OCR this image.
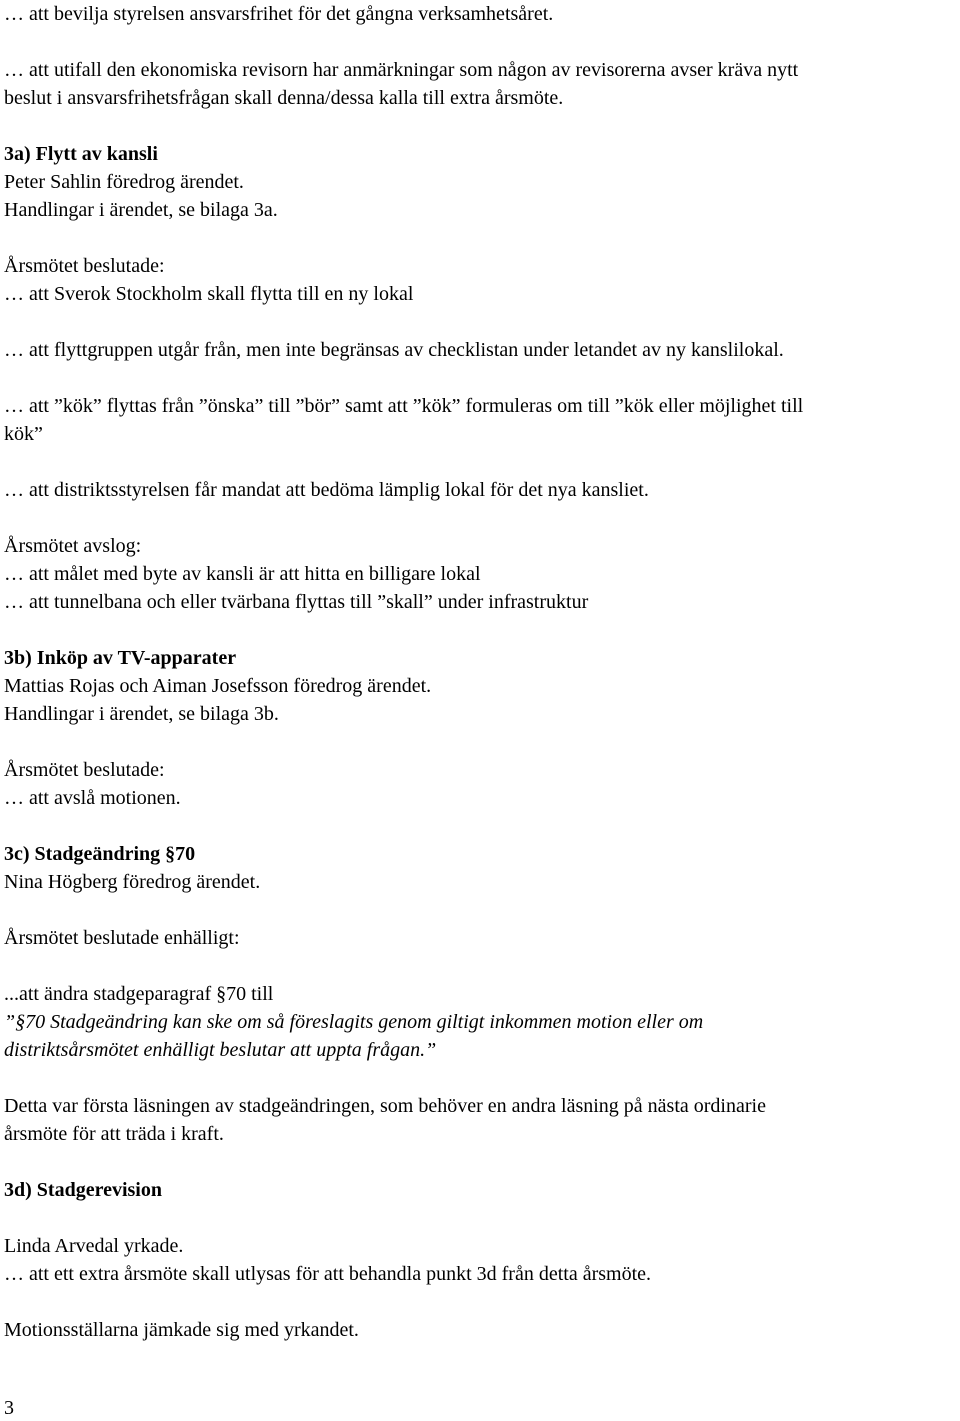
… att bevilja styrelsen ansvarsfrihet för det gångna verksamhetsåret.
… att utifall den ekonomiska revisorn har anmärkningar som någon av revisorerna avser kräva nytt
beslut i ansvarsfrihetsfrågan skall denna/dessa kalla till extra årsmöte.
3a) Flytt av kansli
Peter Sahlin föredrog ärendet.
Handlingar i ärendet, se bilaga 3a.
Årsmötet beslutade:
… att Sverok Stockholm skall flytta till en ny lokal
… att flyttgruppen utgår från, men inte begränsas av checklistan under letandet av ny kanslilokal.
… att ”kök” flyttas från ”önska” till ”bör” samt att ”kök” formuleras om till ”kök eller möjlighet till
kök”
… att distriktsstyrelsen får mandat att bedöma lämplig lokal för det nya kansliet.
Årsmötet avslog:
… att målet med byte av kansli är att hitta en billigare lokal
… att tunnelbana och eller tvärbana flyttas till ”skall” under infrastruktur
3b) Inköp av TV-apparater
Mattias Rojas och Aiman Josefsson föredrog ärendet.
Handlingar i ärendet, se bilaga 3b.
Årsmötet beslutade:
… att avslå motionen.
3c) Stadgeändring §70
Nina Högberg föredrog ärendet.
Årsmötet beslutade enhälligt:
...att ändra stadgeparagraf §70 till
”§70 Stadgeändring kan ske om så föreslagits genom giltigt inkommen motion eller om
distriktsårsmötet enhälligt beslutar att uppta frågan.”
Detta var första läsningen av stadgeändringen, som behöver en andra läsning på nästa ordinarie
årsmöte för att träda i kraft.
3d) Stadgerevision
Linda Arvedal yrkade.
… att ett extra årsmöte skall utlysas för att behandla punkt 3d från detta årsmöte.
Motionsställarna jämkade sig med yrkandet.
3
